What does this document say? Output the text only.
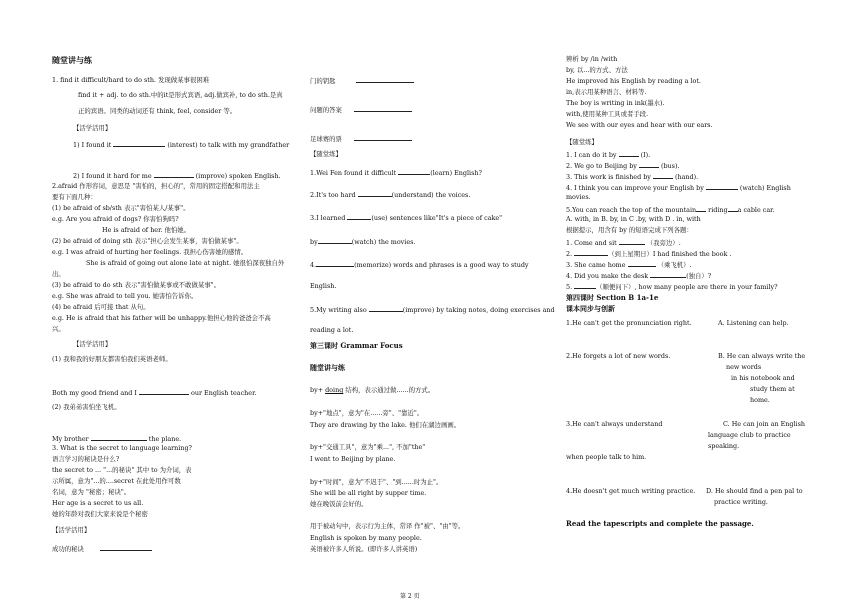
随堂讲与练
1. find it difficult/hard to do sth. 发现做某事很困难
find it + adj. to do sth.中的it是形式宾语, adj.做宾补, to do sth.是真
正的宾语。同类的动词还有 think, feel, consider 等。
【活学活用】
1) I found it	(interest) to talk with my grandfather
2) I found it hard for me	(improve) spoken English.
2.afraid 作形容词，意思是 "害怕的，担心的"，常用的固定搭配和用法主
要有下面几种：
(1) be afraid of sb/sth 表示"害怕某人/某事"。
e.g. Are you afraid of dogs? 你害怕狗吗?
He is afraid of her. 他怕她。
(2) be afraid of doing sth 表示"担心会发生某事，害怕做某事"。
e.g. I was afraid of hurting her feelings. 我担心伤害她的感情。
She is afraid of going out alone late at night. 她很怕深夜独自外
出。
(3) be afraid to do sth 表示"害怕做某事或不敢做某事"。
e.g. She was afraid to tell you. 她害怕告诉你。
(4) be afraid 后可接 that 从句。
e.g. He is afraid that his father will be unhappy.他担心他的爸爸会不高
兴。
【活学活用】
(1) 我和我的好朋友都害怕我们英语老师。
Both my good friend and I	our English teacher.
(2) 我弟弟害怕坐飞机。
My brother	the plane.
3. What is the secret to language learning?
语言学习的秘诀是什么?
the secret to ... "...的秘诀" 其中 to 为介词，表
示所属，意为"...的....secret 在此处用作可数
名词，意为 "秘密；秘诀"。
Her age is a secret to us all.
她的年龄对我们大家来说是个秘密
【活学活用】
成功的秘诀
门的钥匙
问题的答案
足球赛的票
【随堂练】
1.Wei Fen found it difficult	(learn) English?
2.It's too hard	(understand) the voices.
3.I learned	(use) sentences like"It's a piece of cake"
by	(watch) the movies.
4.	(memorize) words and phrases is a good way to study
English.
5.My writing also	(improve) by taking notes, doing exercises and
reading a lot.
第三课时 Grammar Focus
随堂讲与练
by+ doing 结构，表示通过做......的方式。
by+"地点"，意为"在......旁"、"靠近"。
They are drawing by the lake. 他们在湖边画画。
by+"交通工具"，意为"乘...", 不加"the"
I went to Beijing by plane.
by+"时间"，意为"不迟于"、"到......时为止"。
She will be all right by supper time.
她在晚饭前会好的。
用于被动句中，表示行为主体，常译 作"被"、"由"等。
English is spoken by many people.
英语被许多人所说。(即许多人讲英语)
辨析 by /in /with
by, 以...的方式、方法
He improved his English by reading a lot.
in,表示用某种语言、材料等.
The boy is writing in ink(墨水).
with,使用某种工具或者手段.
We see with our eyes and hear with our ears.
【随堂练】
1. I can do it by	(I).
2. We go to Beijing by	(bus).
3. This work is finished by	(hand).
4. I think you can improve your English by	(watch) English
movies.
5.You can reach the top of the mountain riding a cable car.
A. with, in B. by, in C .by, with D . in, with
根据提示，用含有 by 的短语完成下列各题：
1. Come and sit	（我旁边）.
2.	（到上星期日）I had finished the book .
3. She came home	（乘飞机）.
4. Did you make the desk	(独自）?
5.	（顺便问下）, how many people are there in your family?
第四课时 Section B 1a-1e
课本同步与创新
1.He can't get the pronunciation right.	A. Listening can help.
2.He forgets a lot of new words.	B. He can always write the
new words
in his notebook and
study them at
home.
3.He can't always understand	C. He can join an English
language club to practice
speaking.
when people talk to him.
4.He doesn't get much writing practice. D. He should find a pen pal to
practice writing.
Read the tapescripts and complete the passage.
第 2 页
